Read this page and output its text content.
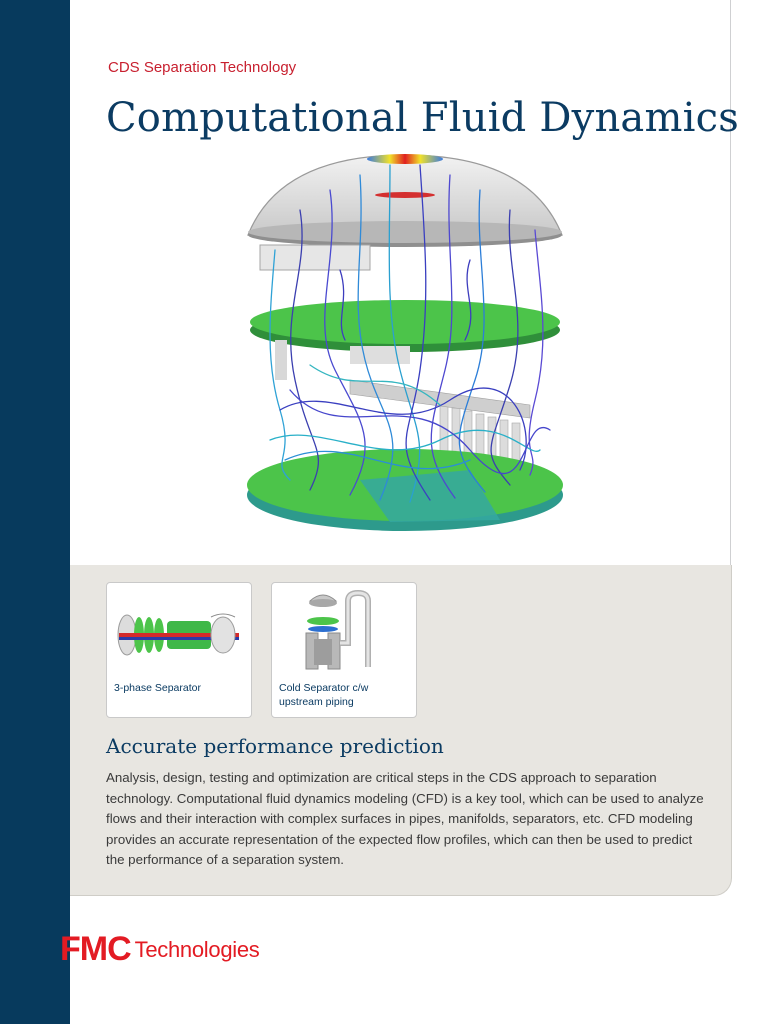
CDS Separation Technology
Computational Fluid Dynamics
3-phase Separator	Cold Separator c/w upstream piping
Accurate performance prediction
Analysis, design, testing and optimization are critical steps in the CDS approach to separation technology. Computational fluid dynamics modeling (CFD) is a key tool, which can be used to analyze flows and their interaction with complex surfaces in pipes, manifolds, separators, etc. CFD modeling provides an accurate representation of the expected flow profiles, which can then be used to predict the performance of a separation system.
FMC Technologies
